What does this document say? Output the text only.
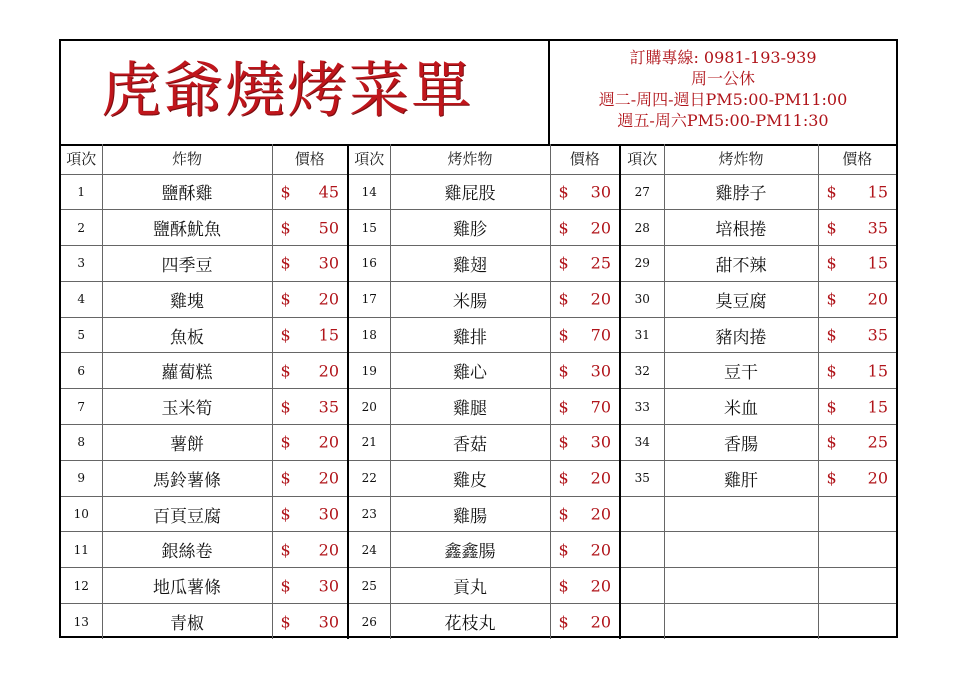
虎爺燒烤菜單	訂購專線: 0981-193-939
周一公休
週二-周四-週日PM5:00-PM11:00
週五-周六PM5:00-PM11:30
項次	炸物	價格	項次	烤炸物	價格	項次	烤炸物	價格
1	鹽酥雞	$ 45	14	雞屁股	$ 30	27	雞脖子	$ 15

2	鹽酥魷魚	$ 50	15	雞胗	$ 20	28	培根捲	$ 35

3	四季豆	$ 30	16	雞翅	$ 25	29	甜不辣	$ 15

4	雞塊	$ 20	17	米腸	$ 20	30	臭豆腐	$ 20

5	魚板	$ 15	18	雞排	$ 70	31	豬肉捲	$ 35

6	蘿蔔糕	$ 20	19	雞心	$ 30	32	豆干	$ 15

7	玉米筍	$ 35	20	雞腿	$ 70	33	米血	$ 15

8	薯餅	$ 20	21	香菇	$ 30	34	香腸	$ 25

9	馬鈴薯條	$ 20	22	雞皮	$ 20	35	雞肝	$ 20

10	百頁豆腐	$ 30	23	雞腸	$ 20			

11	銀絲卷	$ 20	24	鑫鑫腸	$ 20			

12	地瓜薯條	$ 30	25	貢丸	$ 20			

13	青椒	$ 30	26	花枝丸	$ 20			
